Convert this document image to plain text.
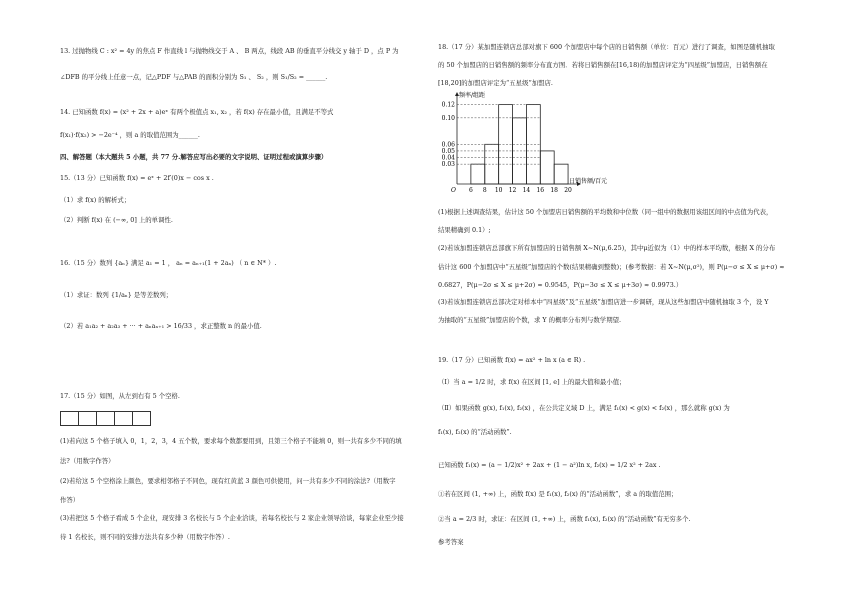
13. 过抛物线 C : x² = 4y 的焦点 F 作直线 l 与抛物线交于 A 、 B 两点，线段 AB 的垂直平分线交 y 轴于 D ，点 P 为
∠DFB 的平分线上任意一点，记△PDF 与△PAB 的面积分别为 S₁ 、 S₂ ，则 S₁/S₂ = ______.
14. 已知函数 f(x) = (x² + 2x + a)eˣ 有两个极值点 x₁, x₂ ，若 f(x) 存在最小值，且满足不等式
f(x₁)·f(x₂) > −2e⁻⁴ ，则 a 的取值范围为______.
四、解答题（本大题共 5 小题，共 77 分.解答应写出必要的文字说明、证明过程或演算步骤）
15.（13 分）已知函数 f(x) = eˣ + 2f′(0)x − cos x .
（1）求 f(x) 的解析式；
（2）判断 f(x) 在 (−∞, 0] 上的单调性.
16.（15 分）数列 {aₙ} 满足 a₁ = 1 ， aₙ = aₙ₊₁(1 + 2aₙ) （ n ∈ N* ）.
（1）求证：数列 {1/aₙ} 是等差数列；
（2）若 a₁a₂ + a₂a₃ + ··· + aₙaₙ₊₁ > 16/33 ，求正整数 n 的最小值.
17.（15 分）如图，从左到右有 5 个空格.
(1)若向这 5 个格子填入 0，1，2，3，4 五个数，要求每个数都要用到，且第三个格子不能填 0，则一共有多少不同的填
法?（用数字作答）
(2)若给这 5 个空格涂上颜色，要求相邻格子不同色，现有红黄蓝 3 颜色可供使用，问一共有多少不同的涂法?（用数字
作答）
(3)若把这 5 个格子看成 5 个企业，现安排 3 名校长与 5 个企业洽谈，若每名校长与 2 家企业领导洽谈，每家企业至少接
待 1 名校长，则不同的安排方法共有多少种（用数字作答）.
18.（17 分）某加盟连锁店总部对旗下 600 个加盟店中每个店的日销售额（单位：百元）进行了调查，如图是随机抽取
的 50 个加盟店的日销售额的频率分布直方图．若将日销售额在[16,18)的加盟店评定为“四星级”加盟店，日销售额在
[18,20]的加盟店评定为“五星级”加盟店.
0.12
0.10
0.06
0.05
0.04
0.03
6 8 10 12 14 16 18 20
O
频率/组距
日销售额/百元
(1)根据上述调查结果，估计这 50 个加盟店日销售额的平均数和中位数（同一组中的数据用该组区间的中点值为代表，
结果精确到 0.1）;
(2)若该加盟连锁店总部旗下所有加盟店的日销售额 X~N(μ,6.25)，其中μ近似为（1）中的样本平均数，根据 X 的分布
估计这 600 个加盟店中“五星级”加盟店的个数(结果精确到整数)；(参考数据：若 X~N(μ,σ²)，则 P(μ−σ ≤ X ≤ μ+σ) ≈
0.6827，P(μ−2σ ≤ X ≤ μ+2σ) ≈ 0.9545，P(μ−3σ ≤ X ≤ μ+3σ) ≈ 0.9973.）
(3)若该加盟连锁店总部决定对样本中“四星级”及“五星级”加盟店进一步调研，现从这些加盟店中随机抽取 3 个，设 Y
为抽取的“五星级”加盟店的个数，求 Y 的概率分布列与数学期望.
19.（17 分）已知函数 f(x) = ax² + ln x (a ∈ R) .
（Ⅰ）当 a = 1/2 时，求 f(x) 在区间 [1, e] 上的最大值和最小值；
（Ⅱ）如果函数 g(x), f₁(x), f₂(x) ，在公共定义域 D 上，满足 f₁(x) < g(x) < f₂(x) ，那么就称 g(x) 为
f₁(x), f₂(x) 的“活动函数”.
已知函数 f₁(x) = (a − 1/2)x² + 2ax + (1 − a²)ln x, f₂(x) = 1/2 x² + 2ax .
①若在区间 (1, +∞) 上，函数 f(x) 是 f₁(x), f₂(x) 的“活动函数”，求 a 的取值范围；
②当 a = 2/3 时，求证：在区间 (1, +∞) 上，函数 f₁(x), f₂(x) 的“活动函数”有无穷多个.
参考答案
